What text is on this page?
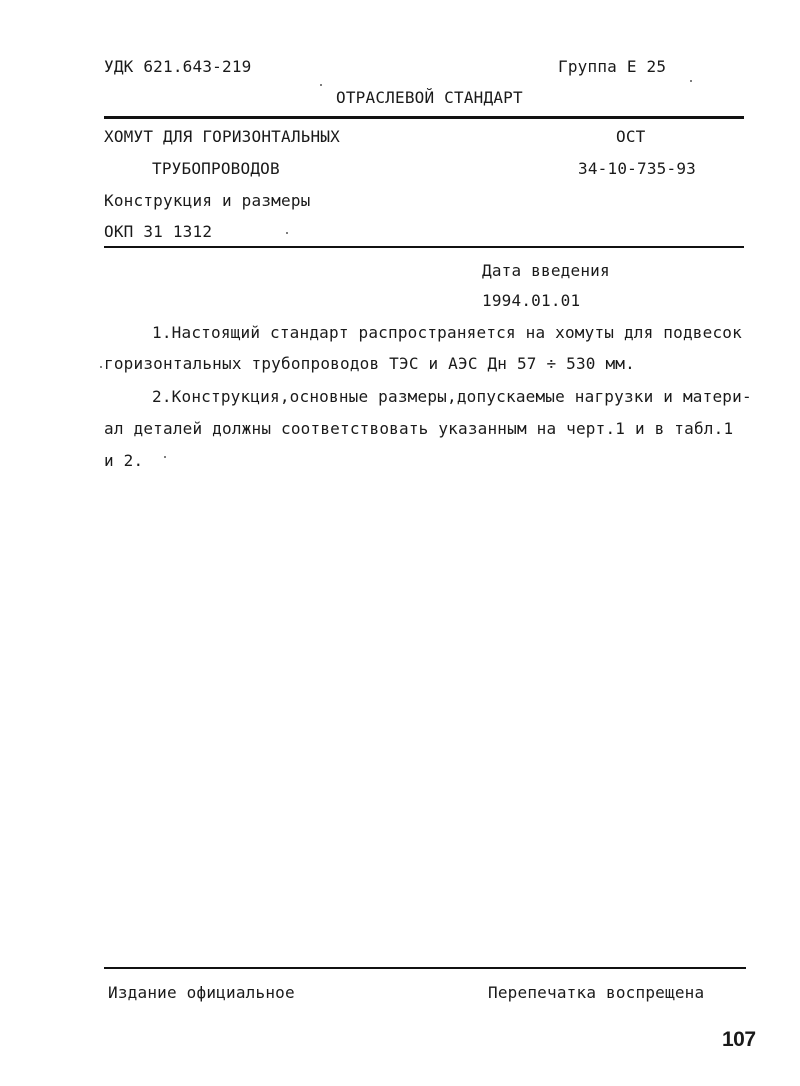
УДК 621.643-219	Группа Е 25
ОТРАСЛЕВОЙ СТАНДАРТ
ХОМУТ ДЛЯ ГОРИЗОНТАЛЬНЫХ	ОСТ
ТРУБОПРОВОДОВ	34-10-735-93
Конструкция и размеры
ОКП 31 1312
Дата введения
1994.01.01
1.Настоящий стандарт распространяется на хомуты для подвесок
горизонтальных трубопроводов ТЭС и АЭС Дн 57 ÷ 530 мм.
2.Конструкция,основные размеры,допускаемые нагрузки и матери-
ал деталей должны соответствовать указанным на черт.1 и в табл.1
и 2.
Издание официальное	Перепечатка воспрещена
107
